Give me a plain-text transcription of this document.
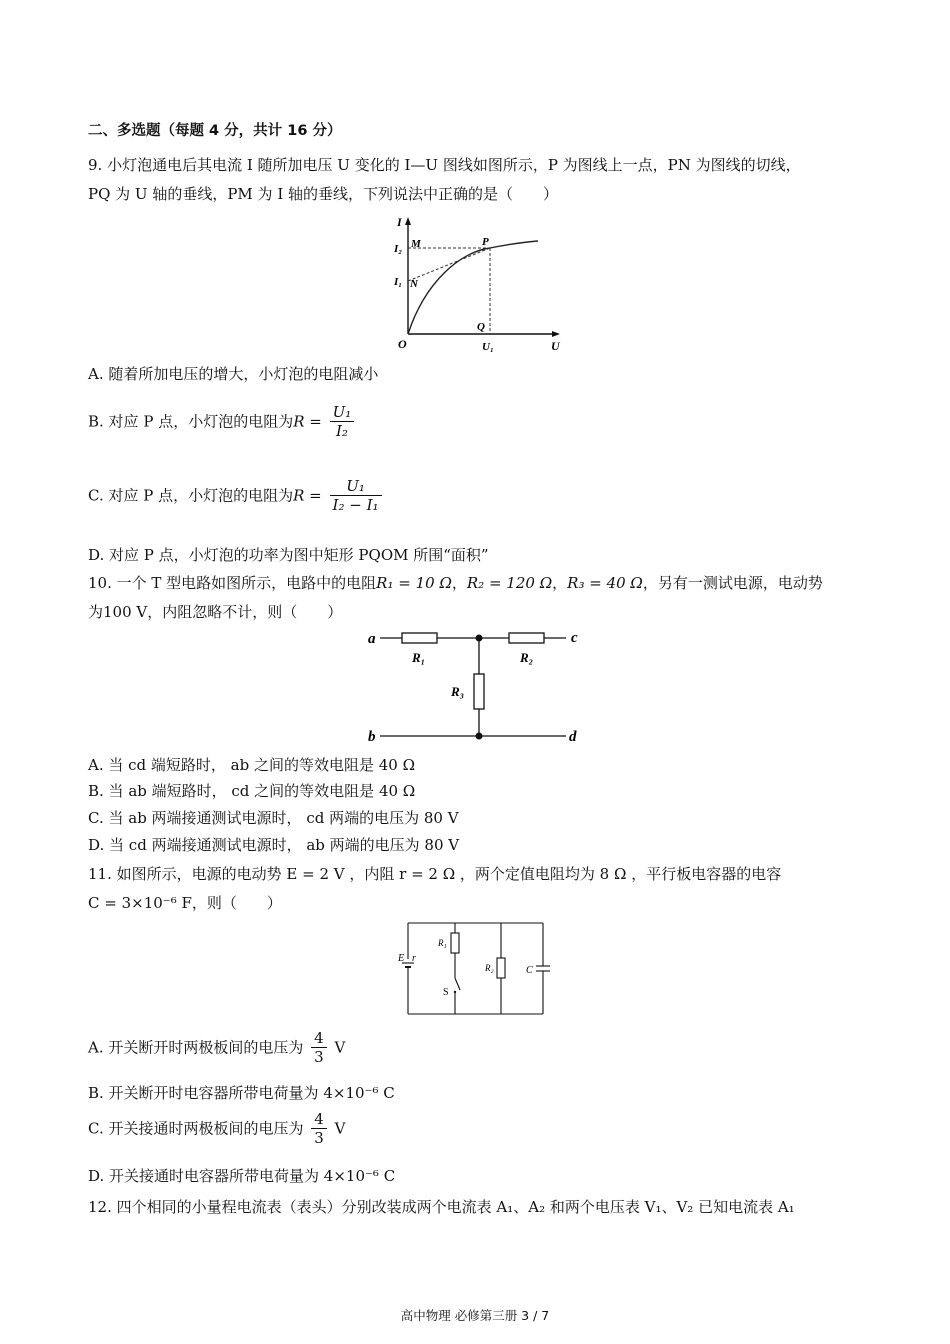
二、多选题（每题 4 分，共计 16 分）
9. 小灯泡通电后其电流 I 随所加电压 U 变化的 I—U 图线如图所示，P 为图线上一点，PN 为图线的切线，
PQ 为 U 轴的垂线，PM 为 I 轴的垂线，下列说法中正确的是（　　）
I
U
O
I₂
I₁
M
N
P
Q
U₁
A. 随着所加电压的增大，小灯泡的电阻减小
B. 对应 P 点，小灯泡的电阻为$R = \frac{\text{U₁}}{\text{I₂}}$
C. 对应 P 点，小灯泡的电阻为$R = \frac{\text{U₁}}{\text{I₂ − I₁}}$
D. 对应 P 点，小灯泡的功率为图中矩形 PQOM 所围“面积”
10. 一个 T 型电路如图所示，电路中的电阻R₁ = 10 Ω，R₂ = 120 Ω，R₃ = 40 Ω，另有一测试电源，电动势
为100 V，内阻忽略不计，则（　　）
a
b
c
d
R₁	R₂
R₃
A. 当 cd 端短路时， ab 之间的等效电阻是 40 Ω
B. 当 ab 端短路时， cd 之间的等效电阻是 40 Ω
C. 当 ab 两端接通测试电源时， cd 两端的电压为 80 V
D. 当 cd 两端接通测试电源时， ab 两端的电压为 80 V
11. 如图所示，电源的电动势 E = 2 V ，内阻 r = 2 Ω ，两个定值电阻均为 8 Ω ，平行板电容器的电容
C = 3×10⁻⁶ F，则（　　）
E r
R₁
R₂	C
S
A. 开关断开时两极板间的电压为 $\frac{4}{3}$ V
B. 开关断开时电容器所带电荷量为 4×10⁻⁶ C
C. 开关接通时两极板间的电压为 $\frac{4}{3}$ V
D. 开关接通时电容器所带电荷量为 4×10⁻⁶ C
12. 四个相同的小量程电流表（表头）分别改装成两个电流表 A₁、A₂ 和两个电压表 V₁、V₂ 已知电流表 A₁
高中物理 必修第三册 3 / 7
